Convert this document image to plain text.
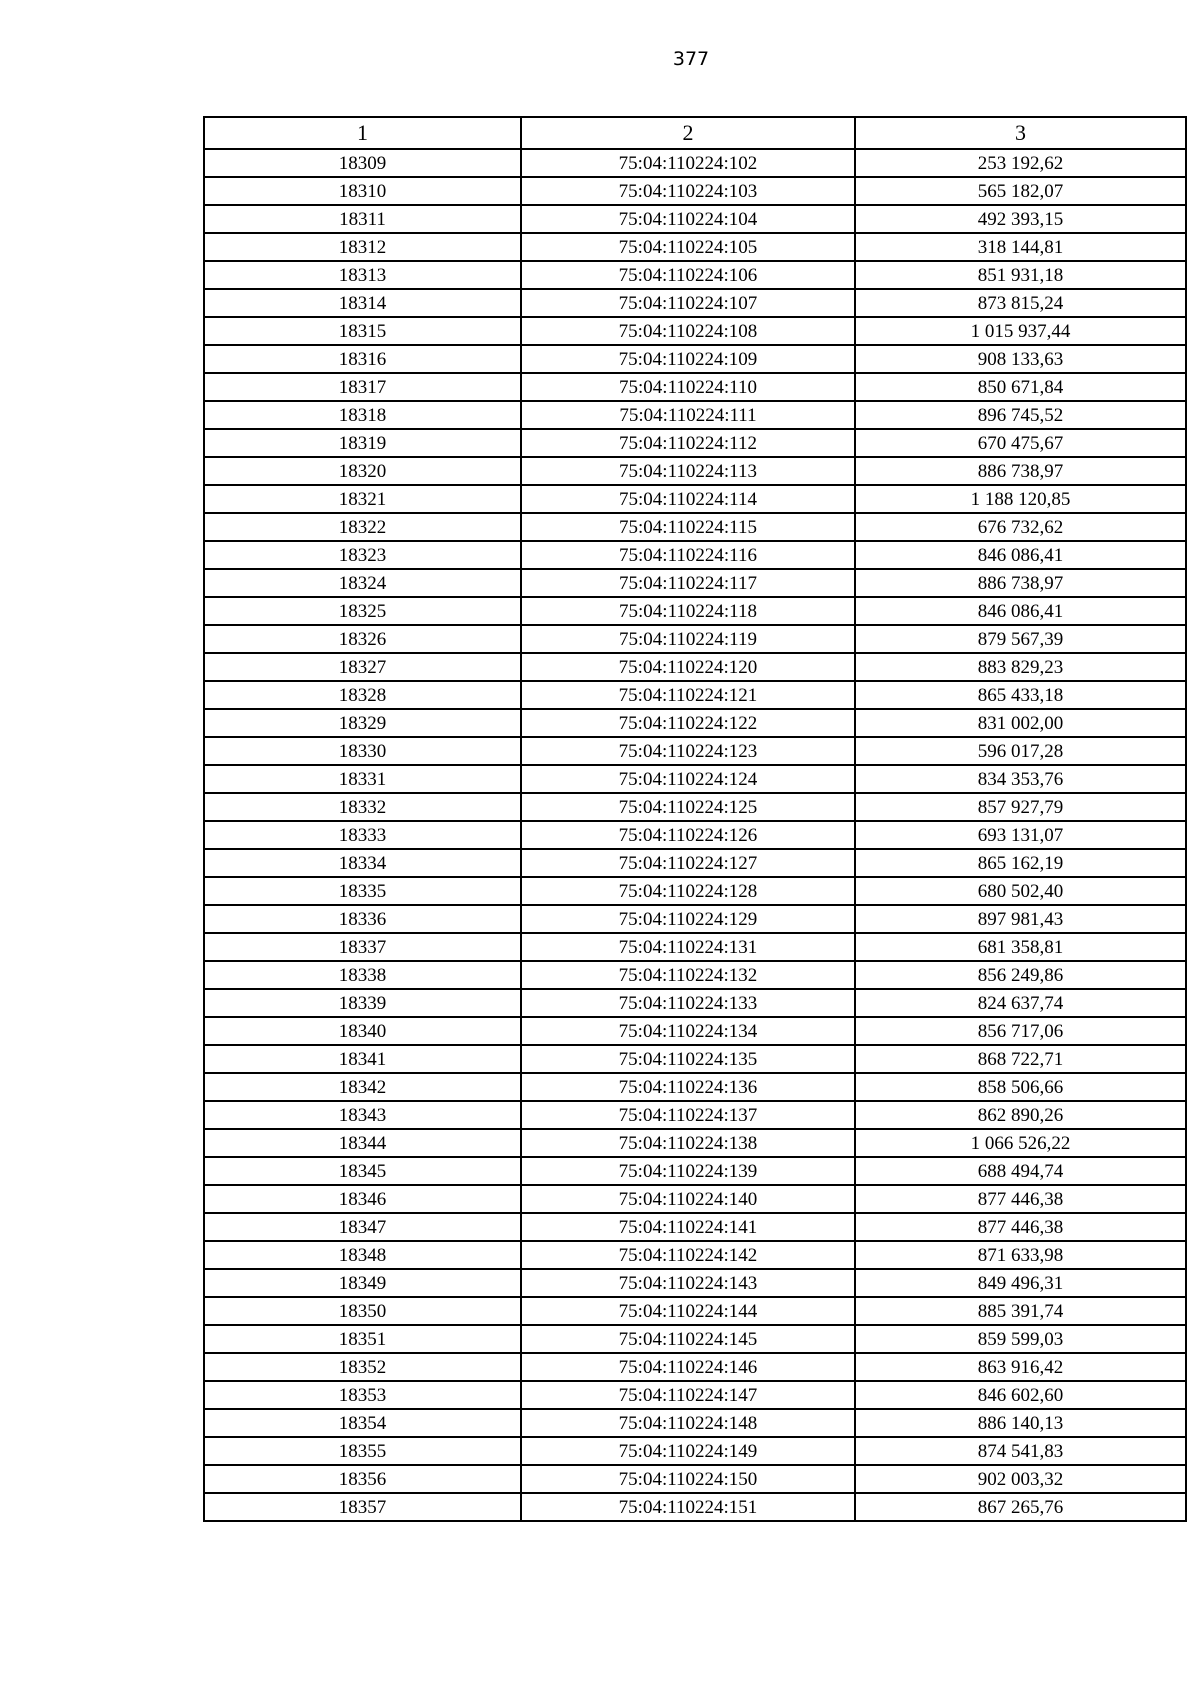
377
1	2	3
18309	75:04:110224:102	253 192,62
18310	75:04:110224:103	565 182,07
18311	75:04:110224:104	492 393,15
18312	75:04:110224:105	318 144,81
18313	75:04:110224:106	851 931,18
18314	75:04:110224:107	873 815,24
18315	75:04:110224:108	1 015 937,44
18316	75:04:110224:109	908 133,63
18317	75:04:110224:110	850 671,84
18318	75:04:110224:111	896 745,52
18319	75:04:110224:112	670 475,67
18320	75:04:110224:113	886 738,97
18321	75:04:110224:114	1 188 120,85
18322	75:04:110224:115	676 732,62
18323	75:04:110224:116	846 086,41
18324	75:04:110224:117	886 738,97
18325	75:04:110224:118	846 086,41
18326	75:04:110224:119	879 567,39
18327	75:04:110224:120	883 829,23
18328	75:04:110224:121	865 433,18
18329	75:04:110224:122	831 002,00
18330	75:04:110224:123	596 017,28
18331	75:04:110224:124	834 353,76
18332	75:04:110224:125	857 927,79
18333	75:04:110224:126	693 131,07
18334	75:04:110224:127	865 162,19
18335	75:04:110224:128	680 502,40
18336	75:04:110224:129	897 981,43
18337	75:04:110224:131	681 358,81
18338	75:04:110224:132	856 249,86
18339	75:04:110224:133	824 637,74
18340	75:04:110224:134	856 717,06
18341	75:04:110224:135	868 722,71
18342	75:04:110224:136	858 506,66
18343	75:04:110224:137	862 890,26
18344	75:04:110224:138	1 066 526,22
18345	75:04:110224:139	688 494,74
18346	75:04:110224:140	877 446,38
18347	75:04:110224:141	877 446,38
18348	75:04:110224:142	871 633,98
18349	75:04:110224:143	849 496,31
18350	75:04:110224:144	885 391,74
18351	75:04:110224:145	859 599,03
18352	75:04:110224:146	863 916,42
18353	75:04:110224:147	846 602,60
18354	75:04:110224:148	886 140,13
18355	75:04:110224:149	874 541,83
18356	75:04:110224:150	902 003,32
18357	75:04:110224:151	867 265,76
